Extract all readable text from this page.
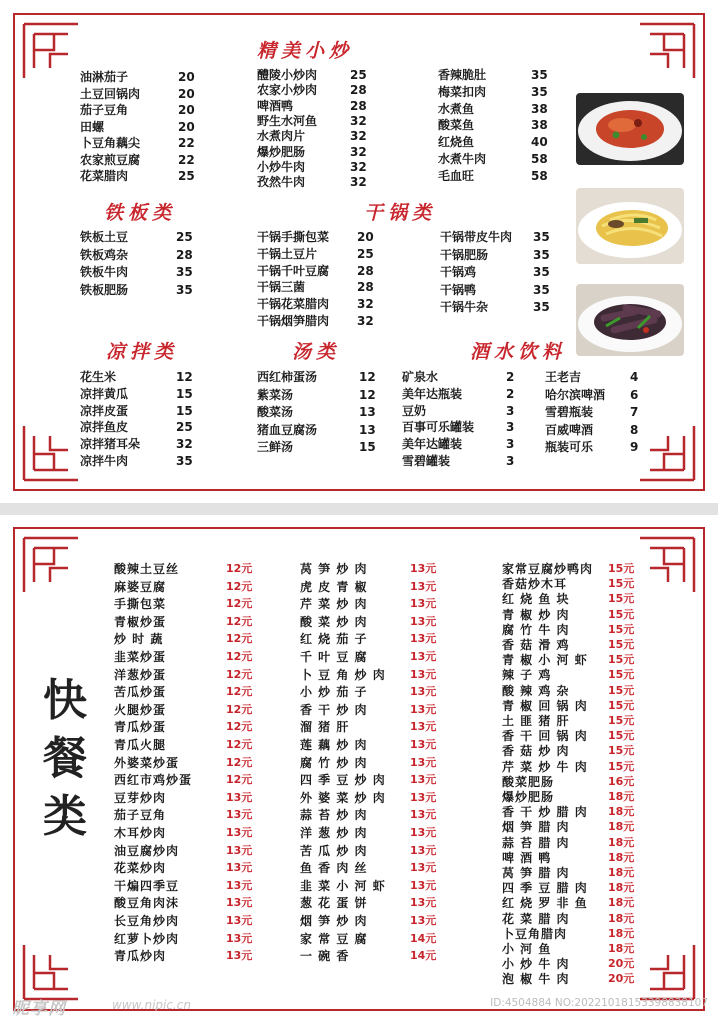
精美小炒
铁板类	干锅类
凉拌类	汤类	酒水饮料
油淋茄子	20
土豆回锅肉	20
茄子豆角	20
田螺	20
卜豆角藕尖	22
农家煎豆腐	22
花菜腊肉	25
醴陵小炒肉	25
农家小炒肉	28
啤酒鸭	28
野生水河鱼	32
水煮肉片	32
爆炒肥肠	32
小炒牛肉	32
孜然牛肉	32
香辣脆肚	35
梅菜扣肉	35
水煮鱼	38
酸菜鱼	38
红烧鱼	40
水煮牛肉	58
毛血旺	58
铁板土豆	25
铁板鸡杂	28
铁板牛肉	35
铁板肥肠	35
干锅手撕包菜 20
干锅土豆片	25
干锅千叶豆腐 28
干锅三菌	28
干锅花菜腊肉 32
干锅烟笋腊肉 32
干锅带皮牛肉 35
干锅肥肠	35
干锅鸡	35
干锅鸭	35
干锅牛杂	35
花生米	12
凉拌黄瓜	15
凉拌皮蛋	15
凉拌鱼皮	25
凉拌猪耳朵	32
凉拌牛肉	35
西红柿蛋汤	12
紫菜汤	12
酸菜汤	13
猪血豆腐汤	13
三鲜汤	15
矿泉水	2
美年达瓶装	2
豆奶	3
百事可乐罐装	3
美年达罐装	3
雪碧罐装	3
王老吉	4
哈尔滨啤酒 6
雪碧瓶装	7
百威啤酒	8
瓶装可乐	9
快
餐
类
酸辣土豆丝	12元
麻婆豆腐	12元
手撕包菜	12元
青椒炒蛋	12元
炒 时 蔬	12元
韭菜炒蛋	12元
洋葱炒蛋	12元
苦瓜炒蛋	12元
火腿炒蛋	12元
青瓜炒蛋	12元
青瓜火腿	12元
外婆菜炒蛋	12元
西红市鸡炒蛋	12元
豆芽炒肉	13元
茄子豆角	13元
木耳炒肉	13元
油豆腐炒肉	13元
花菜炒肉	13元
干煸四季豆	13元
酸豆角肉沫	13元
长豆角炒肉	13元
红萝卜炒肉	13元
青瓜炒肉	13元
莴 笋 炒 肉	13元
虎 皮 青 椒	13元
芹 菜 炒 肉	13元
酸 菜 炒 肉	13元
红 烧 茄 子	13元
千 叶 豆 腐	13元
卜 豆 角 炒 肉 13元
小 炒 茄 子	13元
香 干 炒 肉	13元
溜 猪 肝	13元
莲 藕 炒 肉	13元
腐 竹 炒 肉	13元
四 季 豆 炒 肉 13元
外 婆 菜 炒 肉 13元
蒜 苔 炒 肉	13元
洋 葱 炒 肉	13元
苦 瓜 炒 肉	13元
鱼 香 肉 丝	13元
韭 菜 小 河 虾 13元
葱 花 蛋 饼	13元
烟 笋 炒 肉	13元
家 常 豆 腐	14元
一 碗 香	14元
家常豆腐炒鸭肉 15元
香菇炒木耳	15元
红 烧 鱼 块	15元
青 椒 炒 肉	15元
腐 竹 牛 肉	15元
香 菇 滑 鸡	15元
青 椒 小 河 虾 15元
辣 子 鸡	15元
酸 辣 鸡 杂	15元
青 椒 回 锅 肉 15元
土 匪 猪 肝	15元
香 干 回 锅 肉 15元
香 菇 炒 肉	15元
芹 菜 炒 牛 肉 15元
酸菜肥肠	16元
爆炒肥肠	18元
香 干 炒 腊 肉 18元
烟 笋 腊 肉	18元
蒜 苔 腊 肉	18元
啤 酒 鸭	18元
莴 笋 腊 肉	18元
四 季 豆 腊 肉 18元
红 烧 罗 非 鱼 18元
花 菜 腊 肉	18元
卜豆角腊肉	18元
小 河 鱼	18元
小 炒 牛 肉	20元
泡 椒 牛 肉	20元
昵享网	www.nipic.cn	ID:4504884 NO:20221018153398838107
